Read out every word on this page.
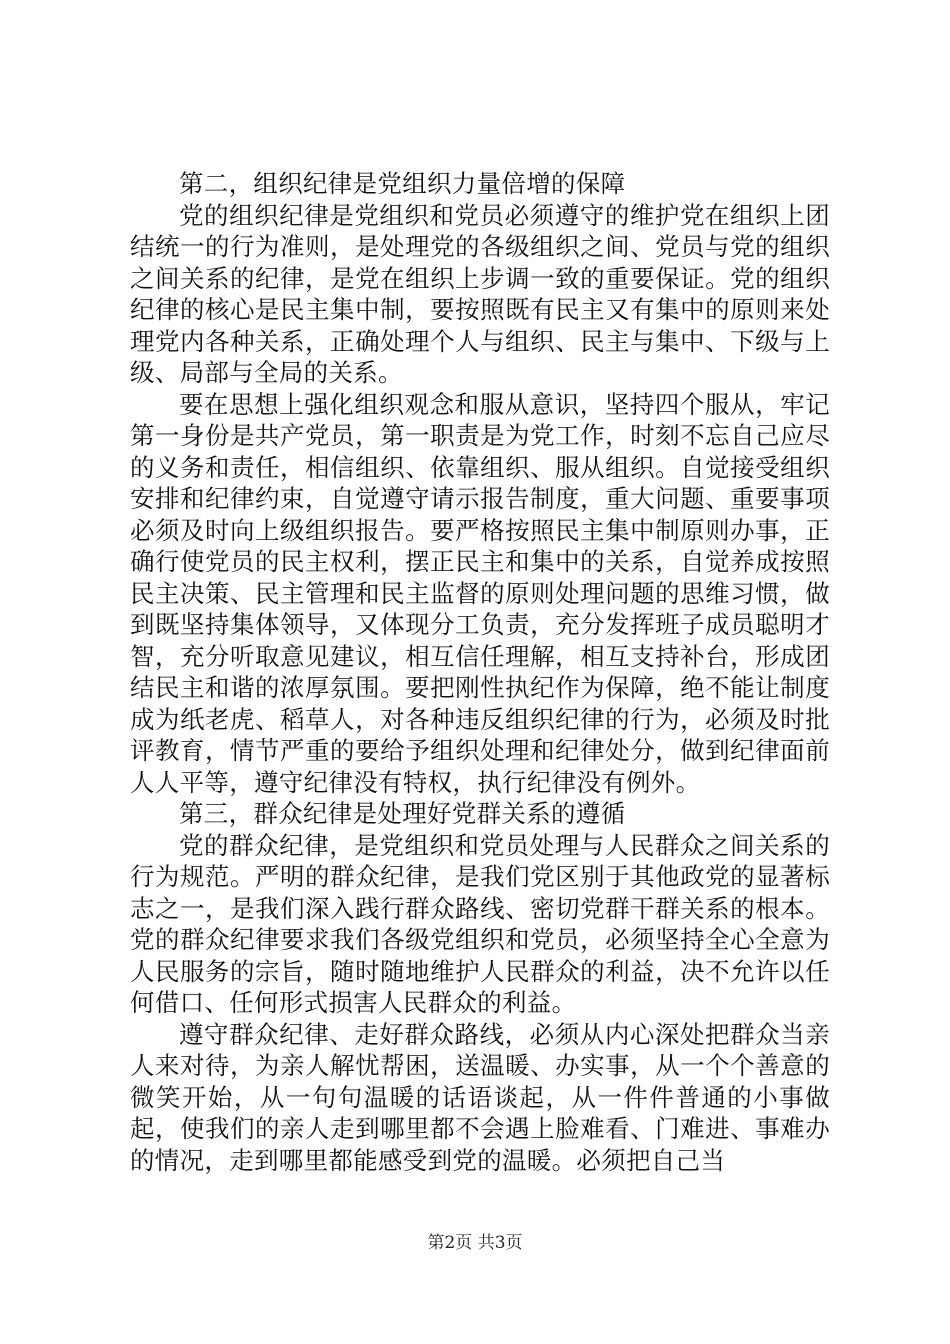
第二，组织纪律是党组织力量倍增的保障

党的组织纪律是党组织和党员必须遵守的维护党在组织上团结统一的行为准则，是处理党的各级组织之间、党员与党的组织之间关系的纪律，是党在组织上步调一致的重要保证。党的组织纪律的核心是民主集中制，要按照既有民主又有集中的原则来处理党内各种关系，正确处理个人与组织、民主与集中、下级与上级、局部与全局的关系。

要在思想上强化组织观念和服从意识，坚持四个服从，牢记第一身份是共产党员，第一职责是为党工作，时刻不忘自己应尽的义务和责任，相信组织、依靠组织、服从组织。自觉接受组织安排和纪律约束，自觉遵守请示报告制度，重大问题、重要事项必须及时向上级组织报告。要严格按照民主集中制原则办事，正确行使党员的民主权利，摆正民主和集中的关系，自觉养成按照民主决策、民主管理和民主监督的原则处理问题的思维习惯，做到既坚持集体领导，又体现分工负责，充分发挥班子成员聪明才智，充分听取意见建议，相互信任理解，相互支持补台，形成团结民主和谐的浓厚氛围。要把刚性执纪作为保障，绝不能让制度成为纸老虎、稻草人，对各种违反组织纪律的行为，必须及时批评教育，情节严重的要给予组织处理和纪律处分，做到纪律面前人人平等，遵守纪律没有特权，执行纪律没有例外。

第三，群众纪律是处理好党群关系的遵循

党的群众纪律，是党组织和党员处理与人民群众之间关系的行为规范。严明的群众纪律，是我们党区别于其他政党的显著标志之一，是我们深入践行群众路线、密切党群干群关系的根本。党的群众纪律要求我们各级党组织和党员，必须坚持全心全意为人民服务的宗旨，随时随地维护人民群众的利益，决不允许以任何借口、任何形式损害人民群众的利益。

遵守群众纪律、走好群众路线，必须从内心深处把群众当亲人来对待，为亲人解忧帮困，送温暖、办实事，从一个个善意的微笑开始，从一句句温暖的话语谈起，从一件件普通的小事做起，使我们的亲人走到哪里都不会遇上脸难看、门难进、事难办的情况，走到哪里都能感受到党的温暖。必须把自己当

第2页 共3页
